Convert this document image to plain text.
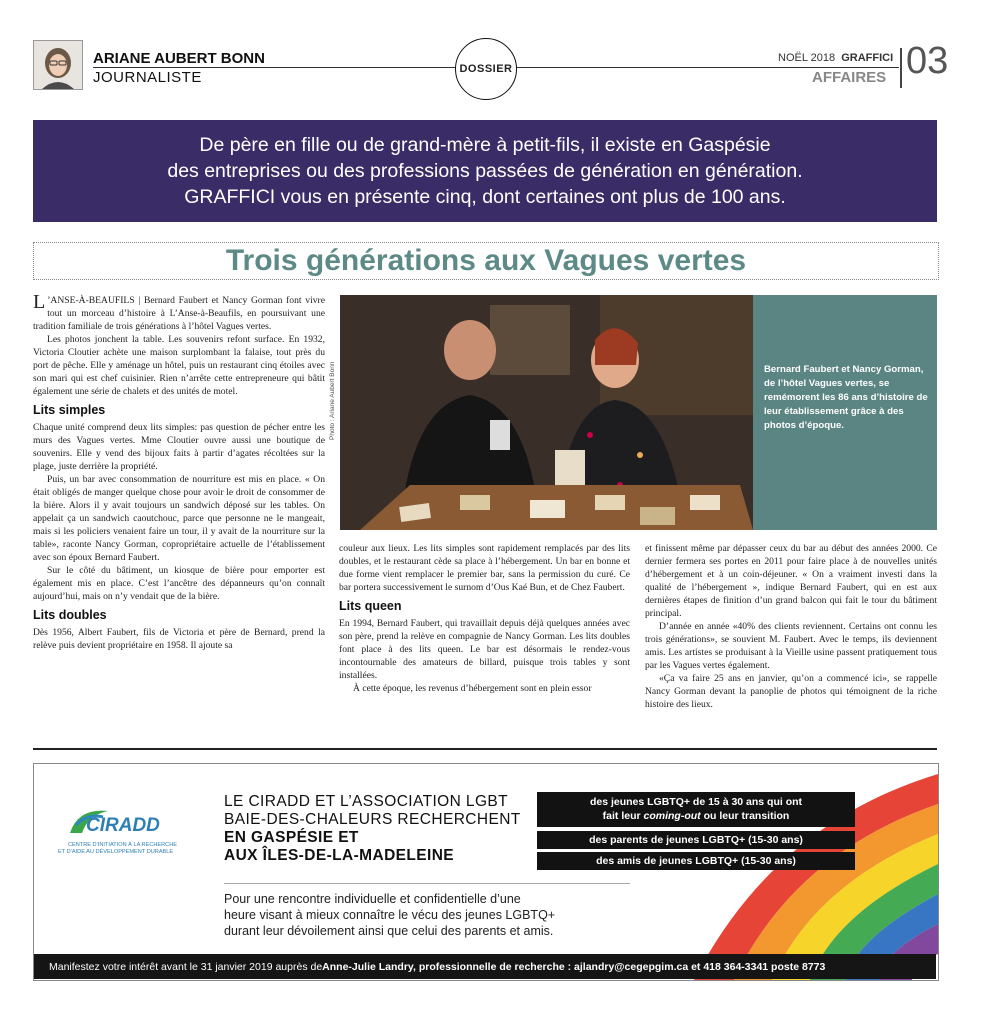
ARIANE AUBERT BONN
JOURNALISTE	DOSSIER
NOËL 2018 GRAFFICI
AFFAIRES 03
De père en fille ou de grand-mère à petit-fils, il existe en Gaspésie
des entreprises ou des professions passées de génération en génération.
GRAFFICI vous en présente cinq, dont certaines ont plus de 100 ans.
Trois générations aux Vagues vertes

L ’ANSE-À-BEAUFILS | Bernard Faubert et Nancy Gorman font vivre tout un morceau d’histoire à L’Anse-à-Beaufils, en poursuivant une tradition familiale de trois générations à l’hôtel Vagues vertes.

Les photos jonchent la table. Les souvenirs refont surface. En 1932, Victoria Cloutier achète une maison surplombant la falaise, tout près du port de pêche. Elle y aménage un hôtel, puis un restaurant cinq étoiles avec son mari qui est chef cuisinier. Rien n’arrête cette entrepreneure qui bâtit également une série de chalets et des unités de motel.

Lits simples

Chaque unité comprend deux lits simples: pas question de pécher entre les murs des Vagues vertes. Mme Cloutier ouvre aussi une boutique de souvenirs. Elle y vend des bijoux faits à partir d’agates récoltées sur la plage, juste derrière la propriété.

Puis, un bar avec consommation de nourriture est mis en place. « On était obligés de manger quelque chose pour avoir le droit de consommer de la bière. Alors il y avait toujours un sandwich déposé sur les tables. On appelait ça un sandwich caoutchouc, parce que personne ne le mangeait, mais si les policiers venaient faire un tour, il y avait de la nourriture sur la table», raconte Nancy Gorman, copropriétaire actuelle de l’établissement avec son époux Bernard Faubert.

Sur le côté du bâtiment, un kiosque de bière pour emporter est également mis en place. C’est l’ancêtre des dépanneurs qu’on connaît aujourd’hui, mais on n’y vendait que de la bière.

Lits doubles

Dès 1956, Albert Faubert, fils de Victoria et père de Bernard, prend la relève puis devient propriétaire en 1958. Il ajoute sa

Photo : Ariane Aubert Bonn	Bernard Faubert et Nancy Gorman, de l’hôtel Vagues vertes, se remémorent les 86 ans d’histoire de leur établissement grâce à des photos d’époque.

couleur aux lieux. Les lits simples sont rapidement remplacés par des lits doubles, et le restaurant cède sa place à l’hébergement. Un bar en bonne et due forme vient remplacer le premier bar, sans la permission du curé. Ce bar portera successivement le surnom d’Ous Kaé Bun, et de Chez Faubert.

Lits queen

En 1994, Bernard Faubert, qui travaillait depuis déjà quelques années avec son père, prend la relève en compagnie de Nancy Gorman. Les lits doubles font place à des lits queen. Le bar est désormais le rendez-vous incontournable des amateurs de billard, puisque trois tables y sont installées.

À cette époque, les revenus d’hébergement sont en plein essor

et finissent même par dépasser ceux du bar au début des années 2000. Ce dernier fermera ses portes en 2011 pour faire place à de nouvelles unités d’hébergement et à un coin-déjeuner. « On a vraiment investi dans la qualité de l’hébergement », indique Bernard Faubert, qui en est aux dernières étapes de finition d’un grand balcon qui fait le tour du bâtiment principal.

D’année en année «40% des clients reviennent. Certains ont connu les trois générations», se souvient M. Faubert. Avec le temps, ils deviennent amis. Les artistes se produisant à la Vieille usine passent pratiquement tous par les Vagues vertes également.

«Ça va faire 25 ans en janvier, qu’on a commencé ici», se rappelle Nancy Gorman devant la panoplie de photos qui témoignent de la riche histoire des lieux.

CIRADD
CENTRE D’INITIATION À LA RECHERCHE
ET D’AIDE AU DÉVELOPPEMENT DURABLE
LE CIRADD ET L’ASSOCIATION LGBT
BAIE-DES-CHALEURS RECHERCHENT
EN GASPÉSIE ET
AUX ÎLES-DE-LA-MADELEINE
des jeunes LGBTQ+ de 15 à 30 ans qui ont
fait leur coming-out ou leur transition
des parents de jeunes LGBTQ+ (15-30 ans)
des amis de jeunes LGBTQ+ (15-30 ans)
Pour une rencontre individuelle et confidentielle d’une
heure visant à mieux connaître le vécu des jeunes LGBTQ+
durant leur dévoilement ainsi que celui des parents et amis.
Manifestez votre intérêt avant le 31 janvier 2019 auprès de Anne-Julie Landry, professionnelle de recherche : ajlandry@cegepgim.ca et 418 364-3341 poste 8773
